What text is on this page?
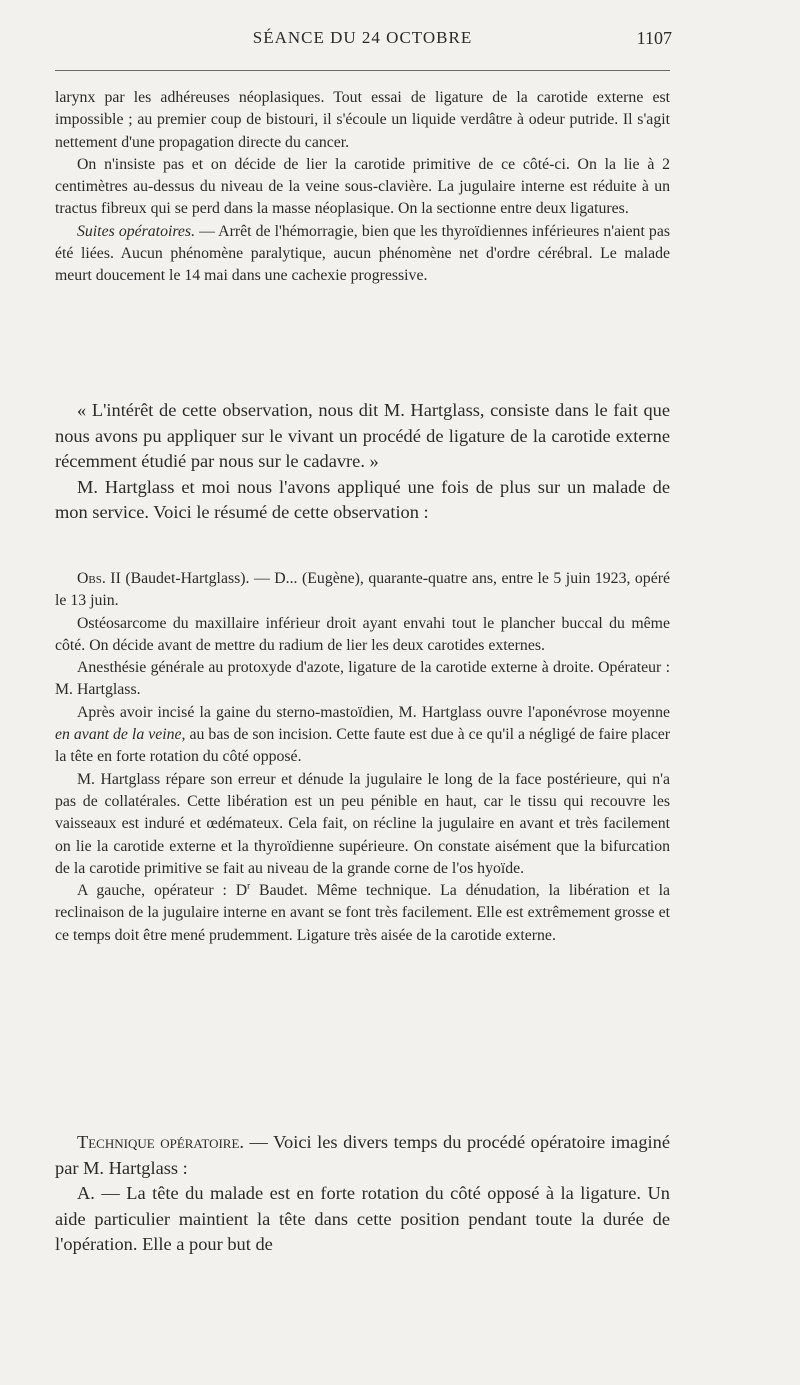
SÉANCE DU 24 OCTOBRE	1107

larynx par les adhéreuses néoplasiques. Tout essai de ligature de la carotide externe est impossible ; au premier coup de bistouri, il s'écoule un liquide verdâtre à odeur putride. Il s'agit nettement d'une propagation directe du cancer.

On n'insiste pas et on décide de lier la carotide primitive de ce côté-ci. On la lie à 2 centimètres au-dessus du niveau de la veine sous-clavière. La jugulaire interne est réduite à un tractus fibreux qui se perd dans la masse néoplasique. On la sectionne entre deux ligatures.

Suites opératoires. — Arrêt de l'hémorragie, bien que les thyroïdiennes inférieures n'aient pas été liées. Aucun phénomène paralytique, aucun phénomène net d'ordre cérébral. Le malade meurt doucement le 14 mai dans une cachexie progressive.

« L'intérêt de cette observation, nous dit M. Hartglass, consiste dans le fait que nous avons pu appliquer sur le vivant un procédé de ligature de la carotide externe récemment étudié par nous sur le cadavre. »

M. Hartglass et moi nous l'avons appliqué une fois de plus sur un malade de mon service. Voici le résumé de cette observation :

Obs. II (Baudet-Hartglass). — D... (Eugène), quarante-quatre ans, entre le 5 juin 1923, opéré le 13 juin.

Ostéosarcome du maxillaire inférieur droit ayant envahi tout le plancher buccal du même côté. On décide avant de mettre du radium de lier les deux carotides externes.

Anesthésie générale au protoxyde d'azote, ligature de la carotide externe à droite. Opérateur : M. Hartglass.

Après avoir incisé la gaine du sterno-mastoïdien, M. Hartglass ouvre l'aponévrose moyenne en avant de la veine, au bas de son incision. Cette faute est due à ce qu'il a négligé de faire placer la tête en forte rotation du côté opposé.

M. Hartglass répare son erreur et dénude la jugulaire le long de la face postérieure, qui n'a pas de collatérales. Cette libération est un peu pénible en haut, car le tissu qui recouvre les vaisseaux est induré et œdémateux. Cela fait, on récline la jugulaire en avant et très facilement on lie la carotide externe et la thyroïdienne supérieure. On constate aisément que la bifurcation de la carotide primitive se fait au niveau de la grande corne de l'os hyoïde.

A gauche, opérateur : $D^r$ Baudet. Même technique. La dénudation, la libération et la reclinaison de la jugulaire interne en avant se font très facilement. Elle est extrêmement grosse et ce temps doit être mené prudemment. Ligature très aisée de la carotide externe.

Technique opératoire. — Voici les divers temps du procédé opératoire imaginé par M. Hartglass :

A. — La tête du malade est en forte rotation du côté opposé à la ligature. Un aide particulier maintient la tête dans cette position pendant toute la durée de l'opération. Elle a pour but de
